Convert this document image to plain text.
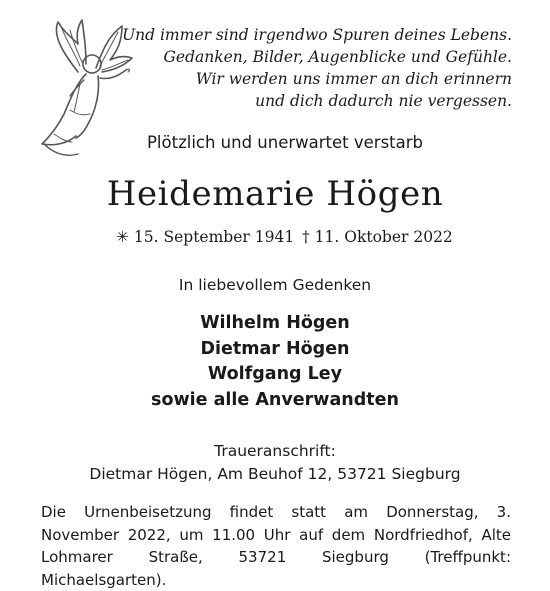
Und immer sind irgendwo Spuren deines Lebens.
Gedanken, Bilder, Augenblicke und Gefühle.
Wir werden uns immer an dich erinnern
und dich dadurch nie vergessen.
Plötzlich und unerwartet verstarb
Heidemarie Högen
✳ 15. September 1941 † 11. Oktober 2022
In liebevollem Gedenken
Wilhelm Högen
Dietmar Högen
Wolfgang Ley
sowie alle Anverwandten
Traueranschrift:
Dietmar Högen, Am Beuhof 12, 53721 Siegburg
Die Urnenbeisetzung findet statt am Donnerstag, 3. November 2022, um 11.00 Uhr auf dem Nordfriedhof, Alte Lohmarer Straße, 53721 Siegburg (Treffpunkt: Michaelsgarten).
